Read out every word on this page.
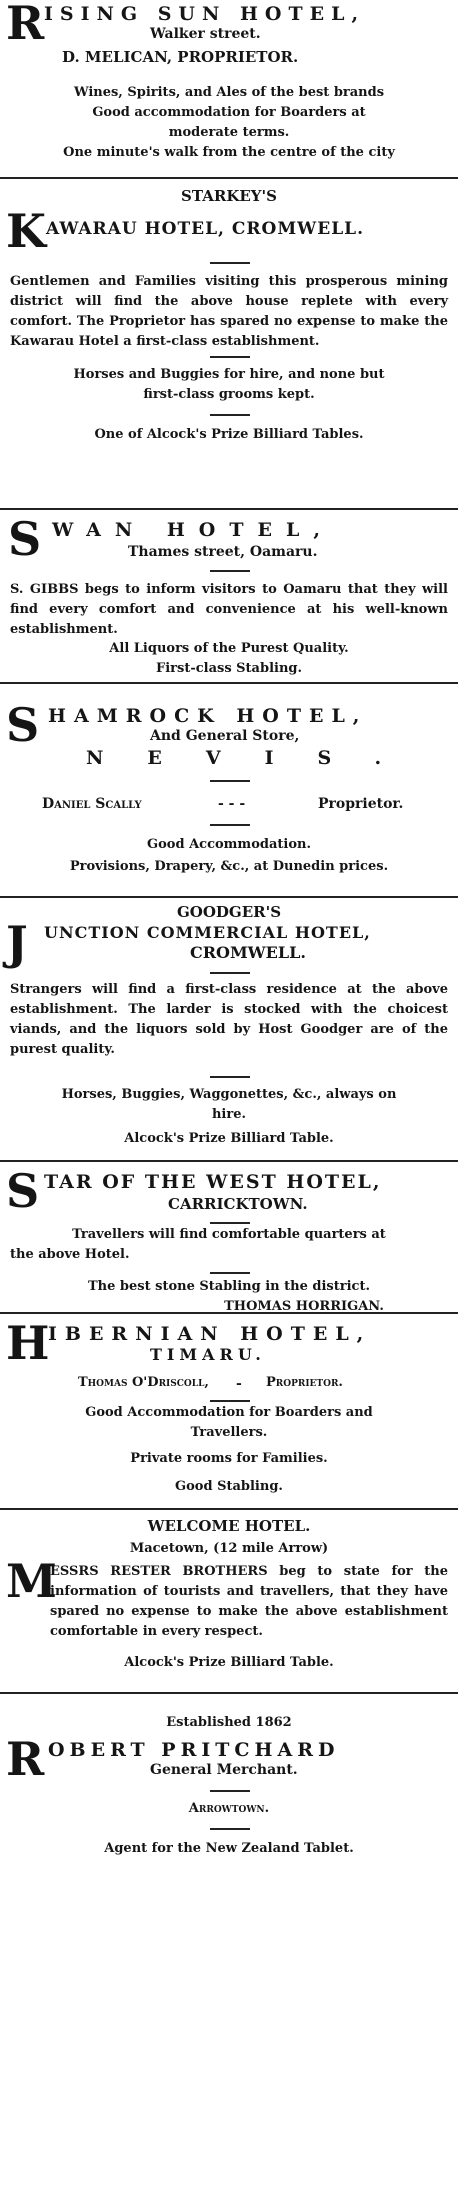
R ISING SUN HOTEL,
Walker street.
D. MELICAN, PROPRIETOR.
Wines, Spirits, and Ales of the best brands
Good accommodation for Boarders at
moderate terms.
One minute's walk from the centre of the city
STARKEY'S
K AWARAU HOTEL, CROMWELL.
Gentlemen and Families visiting this prosperous mining district will find the above house replete with every comfort. The Proprietor has spared no expense to make the Kawarau Hotel a first-class establishment.
Horses and Buggies for hire, and none but
first-class grooms kept.
One of Alcock's Prize Billiard Tables.
S WAN HOTEL,
Thames street, Oamaru.
S. GIBBS begs to inform visitors to Oamaru that they will find every comfort and convenience at his well-known establishment.
All Liquors of the Purest Quality.
First-class Stabling.
S HAMROCK HOTEL,
And General Store,
NEVIS.
Daniel Scally	- - -	Proprietor.
Good Accommodation.
Provisions, Drapery, &c., at Dunedin prices.
GOODGER'S
J UNCTION COMMERCIAL HOTEL,
CROMWELL.
Strangers will find a first-class residence at the above establishment. The larder is stocked with the choicest viands, and the liquors sold by Host Goodger are of the purest quality.
Horses, Buggies, Waggonettes, &c., always on
hire.
Alcock's Prize Billiard Table.
S TAR OF THE WEST HOTEL,
CARRICKTOWN.
Travellers will find comfortable quarters at
the above Hotel.
The best stone Stabling in the district.
THOMAS HORRIGAN.
H
IBERNIAN HOTEL,
TIMARU.
Thomas O'Driscoll, - Proprietor.
Good Accommodation for Boarders and
Travellers.
Private rooms for Families.
Good Stabling.
WELCOME HOTEL.
Macetown, (12 mile Arrow)
M
ESSRS RESTER BROTHERS beg to state for the information of tourists and travellers, that they have spared no expense to make the above establishment comfortable in every respect.
Alcock's Prize Billiard Table.
Established 1862
R OBERT PRITCHARD
General Merchant.
Arrowtown.
Agent for the New Zealand Tablet.
